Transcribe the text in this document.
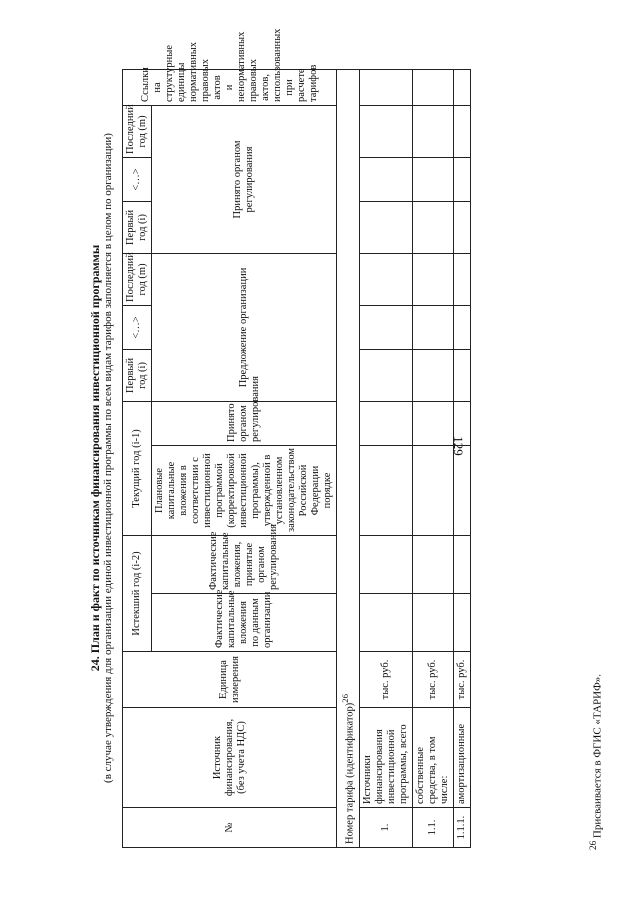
129
$^{26}$ Присваивается в ФГИС «ТАРИФ».
24. План и факт по источникам финансирования инвестиционной программы (в случае утверждения для организации единой инвестиционной программы по всем видам тарифов заполняется в целом по организации)
№	Источник финансирования, (без учета НДС)	Единица измерения	Истекший год (i-2)		Текущий год (i-1)		Первый год (i)	<…>	Последний год (m)	Первый год (i)	<…>	Последний год (m)	Ссылки на структурные единицы нормативных правовых актов и ненормативных правовых актов, использованных при расчете тарифов
			Фактические капитальные вложения по данным организации	Фактические капитальные вложения, принятые органом регулирования	Плановые капитальные вложения в соответствии с инвестиционной программой (корректировкой инвестиционной программы), утвержденной в установленном законодательством Российской Федерации порядке	Принято органом регулирования	Предложение организации			Принято органом регулирования			

Номер тарифа (идентификатор)$^{26}$
1.	Источники финансирования инвестиционной программы, всего	тыс. руб.											
1.1.	собственные средства, в том числе:	тыс. руб.											
1.1.1.	амортизационные	тыс. руб.											
